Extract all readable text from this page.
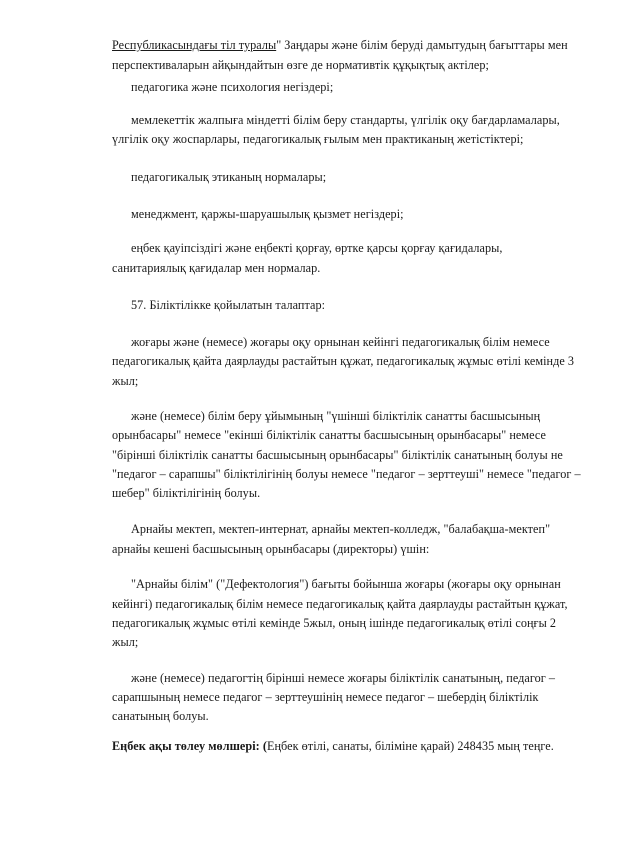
Республикасындағы тіл туралы" Заңдары және білім беруді дамытудың бағыттары мен
перспективаларын айқындайтын өзге де нормативтік құқықтық актілер;
педагогика және психология негіздері;
мемлекеттік жалпыға міндетті білім беру стандарты, үлгілік оқу бағдарламалары,
үлгілік оқу жоспарлары, педагогикалық ғылым мен практиканың жетістіктері;
педагогикалық этиканың нормалары;
менеджмент, қаржы-шаруашылық қызмет негіздері;
еңбек қауіпсіздігі және еңбекті қорғау, өртке қарсы қорғау қағидалары,
санитариялық қағидалар мен нормалар.
57. Біліктілікке қойылатын талаптар:
жоғары және (немесе) жоғары оқу орнынан кейінгі педагогикалық білім немесе
педагогикалық қайта даярлауды растайтын құжат, педагогикалық жұмыс өтілі кемінде 3
жыл;
және (немесе) білім беру ұйымының "үшінші біліктілік санатты басшысының
орынбасары" немесе "екінші біліктілік санатты басшысының орынбасары" немесе
"бірінші біліктілік санатты басшысының орынбасары" біліктілік санатының болуы не
"педагог – сарапшы" біліктілігінің болуы немесе "педагог – зерттеуші" немесе "педагог –
шебер" біліктілігінің болуы.
Арнайы мектеп, мектеп-интернат, арнайы мектеп-колледж, "балабақша-мектеп"
арнайы кешені басшысының орынбасары (директоры) үшін:
"Арнайы білім" ("Дефектология") бағыты бойынша жоғары (жоғары оқу орнынан
кейінгі) педагогикалық білім немесе педагогикалық қайта даярлауды растайтын құжат,
педагогикалық жұмыс өтілі кемінде 5жыл, оның ішінде педагогикалық өтілі соңғы 2
жыл;
және (немесе) педагогтің бірінші немесе жоғары біліктілік санатының, педагог –
сарапшының немесе педагог – зерттеушінің немесе педагог – шебердің біліктілік
санатының болуы.
Еңбек ақы төлеу мөлшері: (Еңбек өтілі, санаты, біліміне қарай) 248435 мың теңге.
